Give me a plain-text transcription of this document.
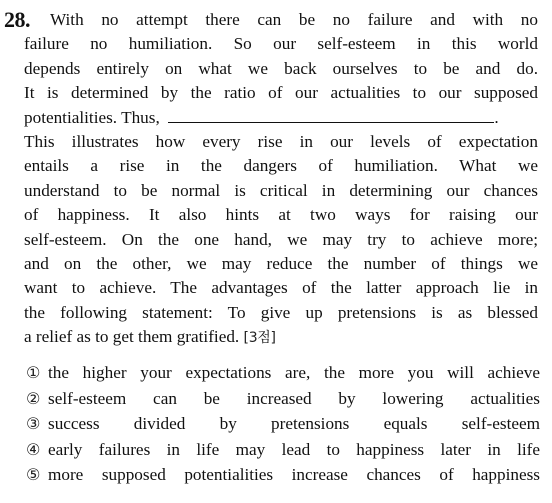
28.	With no attempt there can be no failure and with no
failure no humiliation. So our self-esteem in this world
depends entirely on what we back ourselves to be and do.
It is determined by the ratio of our actualities to our supposed
potentialities. Thus,	.
This illustrates how every rise in our levels of expectation
entails a rise in the dangers of humiliation. What we
understand to be normal is critical in determining our chances
of happiness. It also hints at two ways for raising our
self-esteem. On the one hand, we may try to achieve more;
and on the other, we may reduce the number of things we
want to achieve. The advantages of the latter approach lie in
the following statement: To give up pretensions is as blessed
a relief as to get them gratified. [3점]
① the higher your expectations are, the more you will achieve
② self-esteem can be increased by lowering actualities
③ success divided by pretensions equals self-esteem
④ early failures in life may lead to happiness later in life
⑤ more supposed potentialities increase chances of happiness
